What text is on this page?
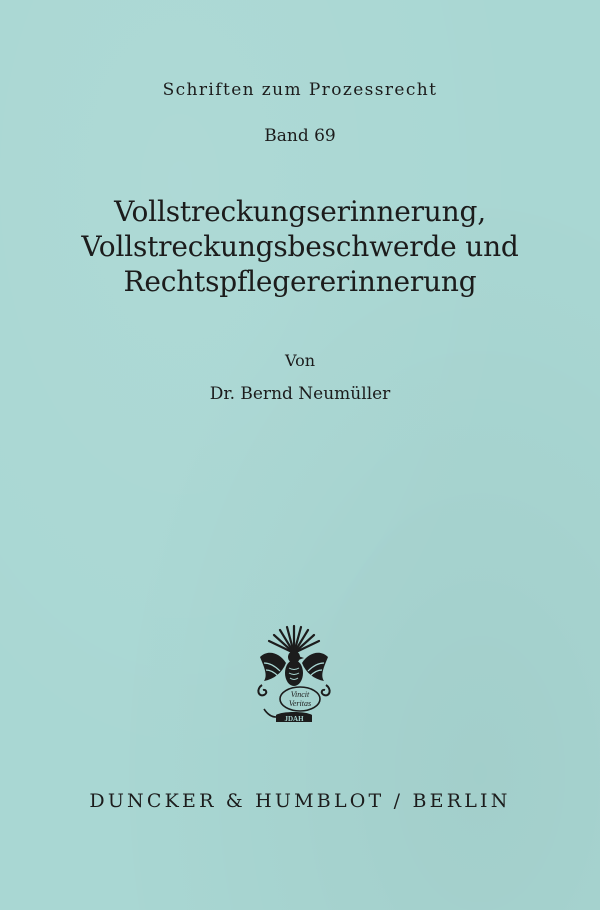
Schriften zum Prozessrecht
Band 69
Vollstreckungserinnerung,
Vollstreckungsbeschwerde und
Rechtspflegererinnerung
Von
Dr. Bernd Neumüller
Vincit
Veritas
JDAH
DUNCKER & HUMBLOT / BERLIN
